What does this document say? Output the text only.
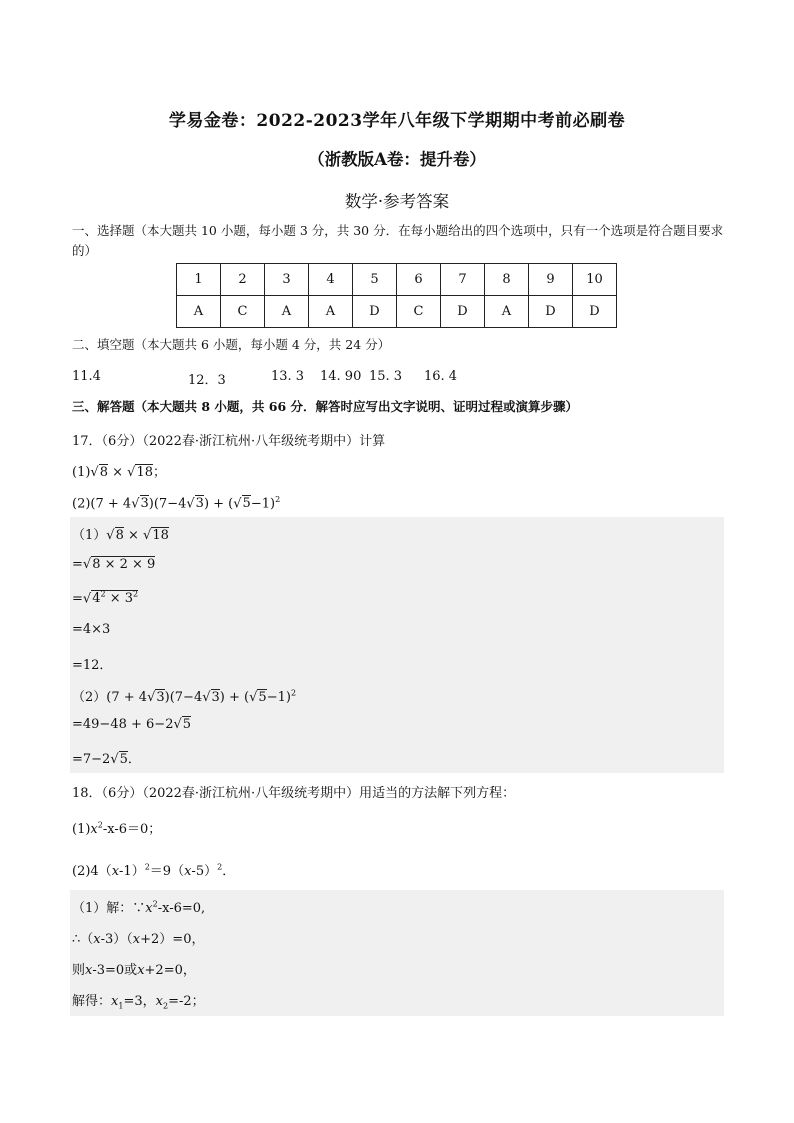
学易金卷：2022-2023学年八年级下学期期中考前必刷卷
（浙教版A卷：提升卷）
数学·参考答案
一、选择题（本大题共 10 小题，每小题 3 分，共 30 分．在每小题给出的四个选项中，只有一个选项是符合题目要求的）
1	2	3	4	5	6	7	8	9	10
A	C	A	A	D	C	D	A	D	D
二、填空题（本大题共 6 小题，每小题 4 分，共 24 分）
11.4	12．3	13. 3 14. 90 15. 3 16. 4
三、解答题（本大题共 8 小题，共 66 分．解答时应写出文字说明、证明过程或演算步骤）
17．（6分）（2022春·浙江杭州·八年级统考期中）计算
(1)√8 × √18；
$(2)(7 + 4√3)(7-4√3) + (√5-1)^2$
（1）√8 × √18
=√8 × 2 × 9
$=√4^2 \times 3^2$
=4×3
=12．
$(2)(7 + 4√3)(7-4√3) + (√5-1)^2$
=49−48 + 6−2√5
=7−2√5．
18．（6分）（2022春·浙江杭州·八年级统考期中）用适当的方法解下列方程：
$(1)x^2-x-6=0$；
$(2)4(x-1)^2=9(x-5)^2$．
（1）解：$\because x^2-x-6=0$,
∴（x-3）（x+2）=0，
则x-3=0或x+2=0，
解得：$x_1=3$，$x_2=-2$；
